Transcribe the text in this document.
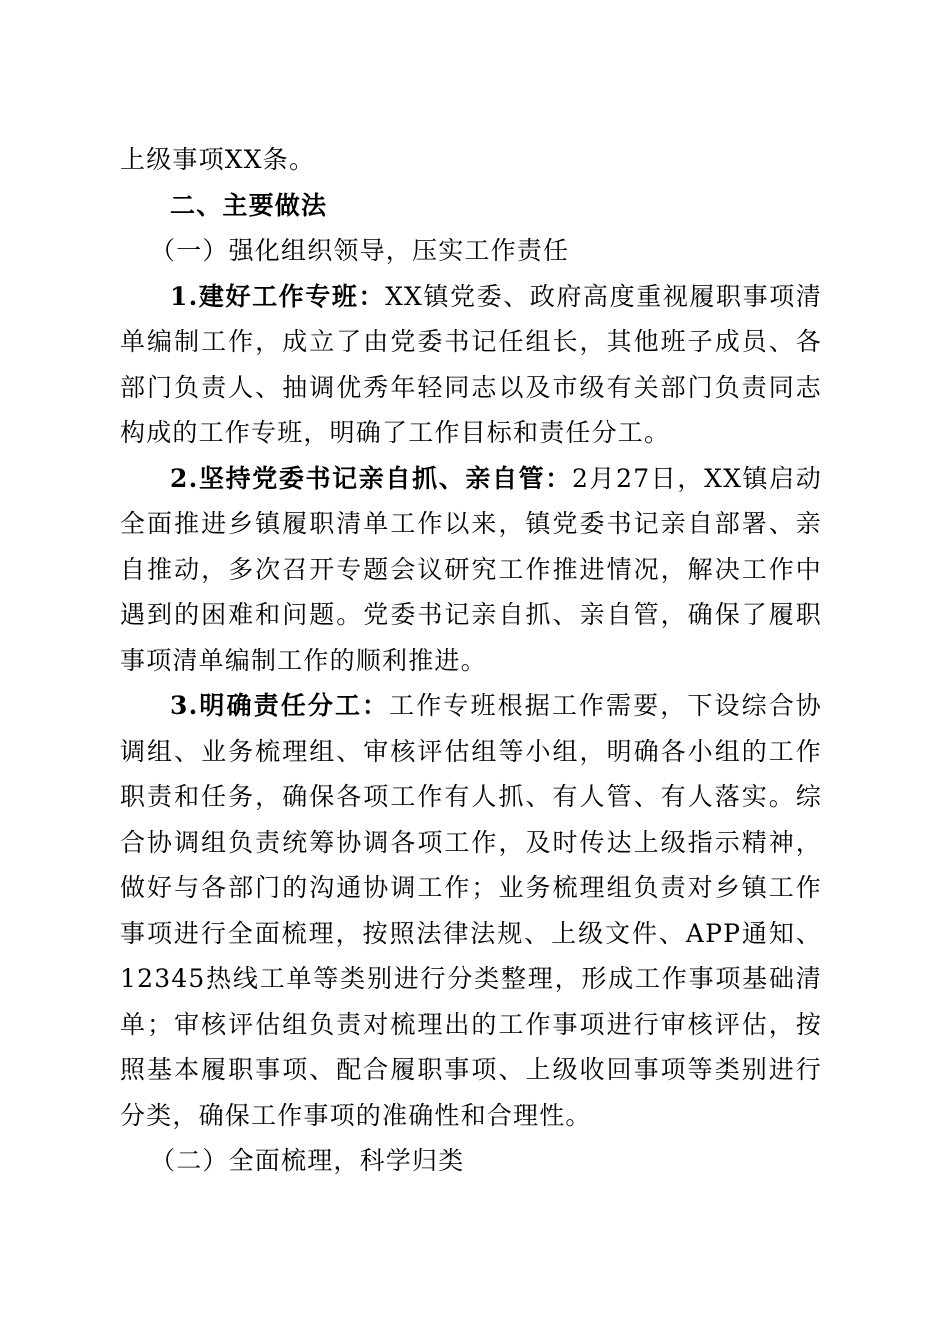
上级事项XX条。

二、主要做法

（一）强化组织领导，压实工作责任

1.建好工作专班：XX镇党委、政府高度重视履职事项清单编制工作，成立了由党委书记任组长，其他班子成员、各部门负责人、抽调优秀年轻同志以及市级有关部门负责同志构成的工作专班，明确了工作目标和责任分工。

2.坚持党委书记亲自抓、亲自管：2月27日，XX镇启动全面推进乡镇履职清单工作以来，镇党委书记亲自部署、亲自推动，多次召开专题会议研究工作推进情况，解决工作中遇到的困难和问题。党委书记亲自抓、亲自管，确保了履职事项清单编制工作的顺利推进。

3.明确责任分工：工作专班根据工作需要，下设综合协调组、业务梳理组、审核评估组等小组，明确各小组的工作职责和任务，确保各项工作有人抓、有人管、有人落实。综合协调组负责统筹协调各项工作，及时传达上级指示精神，做好与各部门的沟通协调工作；业务梳理组负责对乡镇工作事项进行全面梳理，按照法律法规、上级文件、APP通知、12345热线工单等类别进行分类整理，形成工作事项基础清单；审核评估组负责对梳理出的工作事项进行审核评估，按照基本履职事项、配合履职事项、上级收回事项等类别进行分类，确保工作事项的准确性和合理性。

（二）全面梳理，科学归类
